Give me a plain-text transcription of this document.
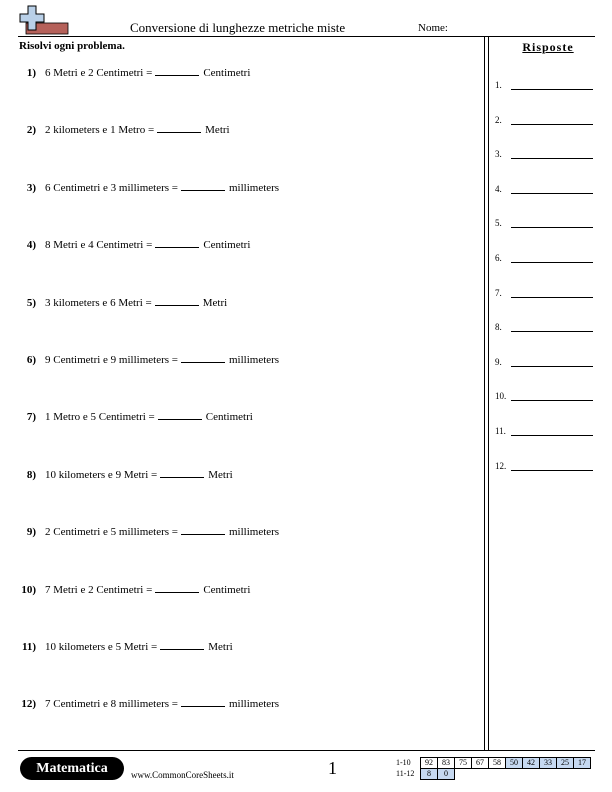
Conversione di lunghezze metriche miste	Nome:
Risolvi ogni problema.	Risposte
1) 6 Metri e 2 Centimetri =	Centimetri
2) 2 kilometers e 1 Metro =	Metri
3) 6 Centimetri e 3 millimeters =	millimeters
4) 8 Metri e 4 Centimetri =	Centimetri
5) 3 kilometers e 6 Metri =	Metri
6) 9 Centimetri e 9 millimeters =	millimeters
7) 1 Metro e 5 Centimetri =	Centimetri
8) 10 kilometers e 9 Metri =	Metri
9) 2 Centimetri e 5 millimeters =	millimeters
10) 7 Metri e 2 Centimetri =	Centimetri
11) 10 kilometers e 5 Metri =	Metri
12) 7 Centimetri e 8 millimeters =	millimeters
1.
2.
3.
4.
5.
6.
7.
8.
9.
10.
11.
12.
Matematica	www.CommonCoreSheets.it	1	1-10	92	83	75	67	58	50	42	33	25	17
11-12	8	0								
